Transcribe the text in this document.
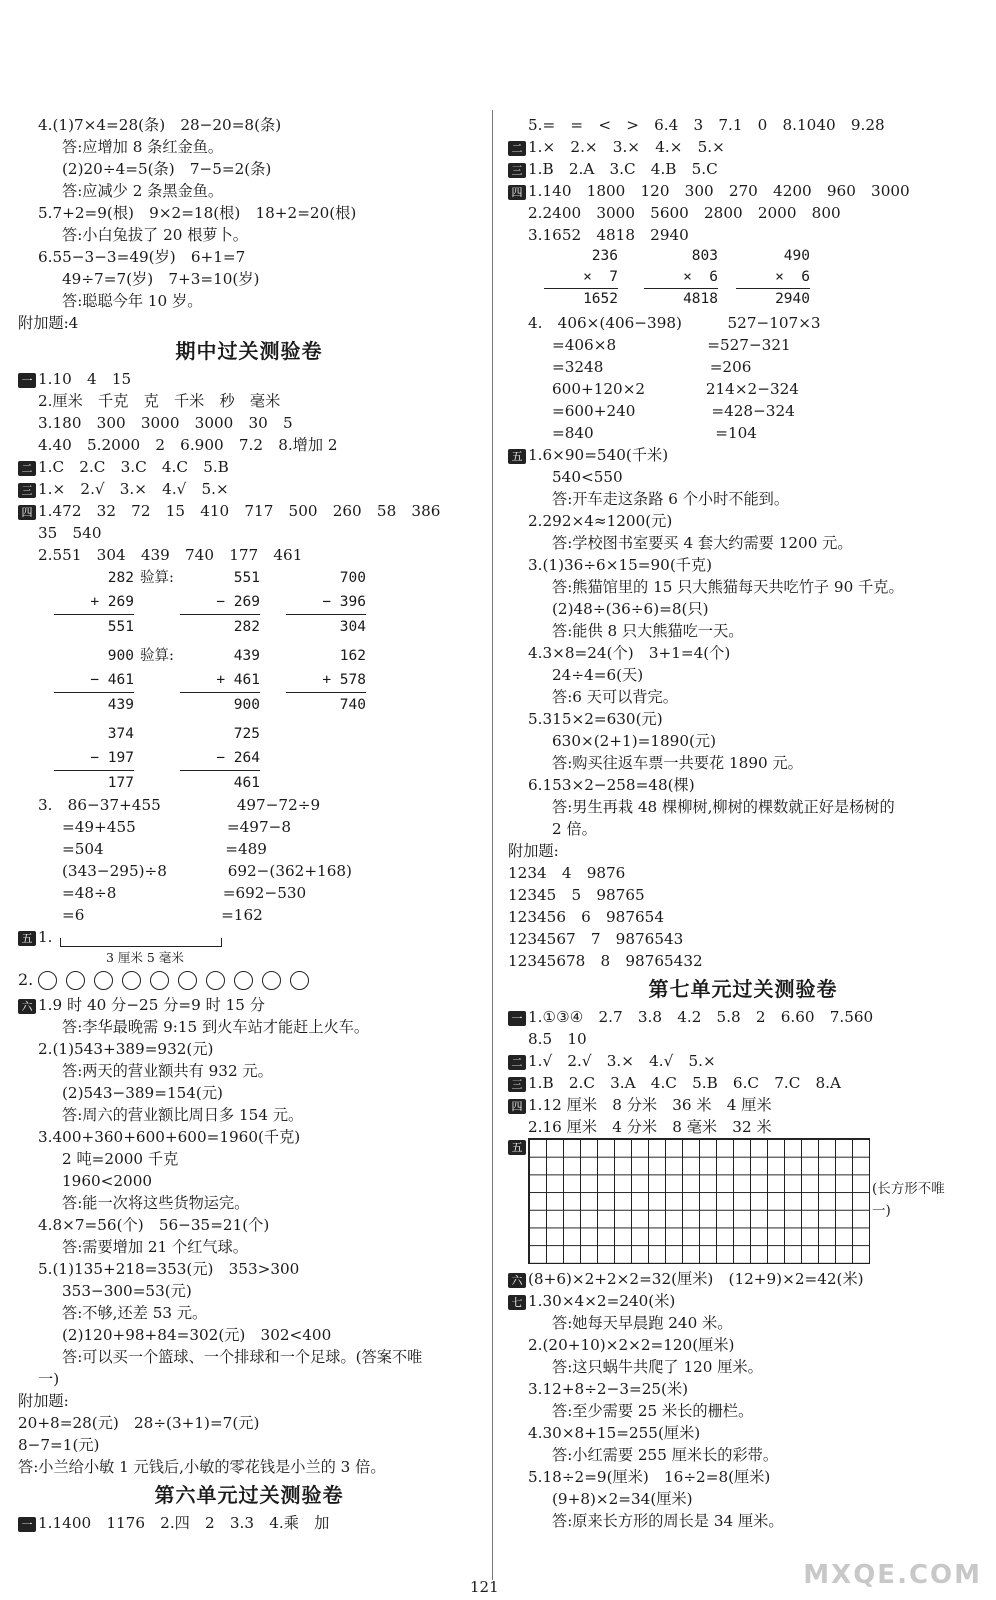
4.(1)7×4=28(条)　28−20=8(条)
答:应增加 8 条红金鱼。
(2)20÷4=5(条)　7−5=2(条)
答:应减少 2 条黑金鱼。
5.7+2=9(根)　9×2=18(根)　18+2=20(根)
答:小白兔拔了 20 根萝卜。
6.55−3−3=49(岁)　6+1=7
49÷7=7(岁)　7+3=10(岁)
答:聪聪今年 10 岁。
附加题:4
期中过关测验卷
一 1.10　4　15
2.厘米　千克　克　千米　秒　毫米
3.180　300　3000　3000　30　5
4.40　5.2000　2　6.900　7.2　8.增加 2
二 1.C　2.C　3.C　4.C　5.B
三 1.×　2.√　3.×　4.√　5.×
四 1.472　32　72　15　410　717　500　260　58　386
35　540
2.551　304　439　740　177　461
282
+ 269
551
验算:	551
− 269
282
700
− 396
304
900
− 461
439
验算:	439
+ 461
900
162
+ 578
740
374
− 197
177
725
− 264
461
3.　86−37+455　　　　　497−72÷9
=49+455　　　　　　=497−8
=504　　　　　　　　=489
(343−295)÷8　　　　692−(362+168)
=48÷8　　　　　　　=692−530
=6　　　　　　　　　=162
五 1.
3 厘米 5 毫米
2.
六 1.9 时 40 分−25 分=9 时 15 分
答:李华最晚需 9:15 到火车站才能赶上火车。
2.(1)543+389=932(元)
答:两天的营业额共有 932 元。
(2)543−389=154(元)
答:周六的营业额比周日多 154 元。
3.400+360+600+600=1960(千克)
2 吨=2000 千克
1960<2000
答:能一次将这些货物运完。
4.8×7=56(个)　56−35=21(个)
答:需要增加 21 个红气球。
5.(1)135+218=353(元)　353>300
353−300=53(元)
答:不够,还差 53 元。
(2)120+98+84=302(元)　302<400
答:可以买一个篮球、一个排球和一个足球。(答案不唯
一)
附加题:
20+8=28(元)　28÷(3+1)=7(元)
8−7=1(元)
答:小兰给小敏 1 元钱后,小敏的零花钱是小兰的 3 倍。
第六单元过关测验卷
一 1.1400　1176　2.四　2　3.3　4.乘　加
5.=　=　<　>　6.4　3　7.1　0　8.1040　9.28
二 1.×　2.×　3.×　4.×　5.×
三 1.B　2.A　3.C　4.B　5.C
四 1.140　1800　120　300　270　4200　960　3000
2.2400　3000　5600　2800　2000　800
3.1652　4818　2940
236
×  7
1652
803
×  6
4818
490
×  6
2940
4.　406×(406−398)　　　527−107×3
=406×8　　　　　　=527−321
=3248　　　　　　　=206
600+120×2　　　　214×2−324
=600+240　　　　　=428−324
=840　　　　　　　　=104
五 1.6×90=540(千米)
540<550
答:开车走这条路 6 个小时不能到。
2.292×4≈1200(元)
答:学校图书室要买 4 套大约需要 1200 元。
3.(1)36÷6×15=90(千克)
答:熊猫馆里的 15 只大熊猫每天共吃竹子 90 千克。
(2)48÷(36÷6)=8(只)
答:能供 8 只大熊猫吃一天。
4.3×8=24(个)　3+1=4(个)
24÷4=6(天)
答:6 天可以背完。
5.315×2=630(元)
630×(2+1)=1890(元)
答:购买往返车票一共要花 1890 元。
6.153×2−258=48(棵)
答:男生再栽 48 棵柳树,柳树的棵数就正好是杨树的
2 倍。
附加题:
1234　4　9876
12345　5　98765
123456　6　987654
1234567　7　9876543
12345678　8　98765432
第七单元过关测验卷
一 1.①③④　2.7　3.8　4.2　5.8　2　6.60　7.560
8.5　10
二 1.√　2.√　3.×　4.√　5.×
三 1.B　2.C　3.A　4.C　5.B　6.C　7.C　8.A
四 1.12 厘米　8 分米　36 米　4 厘米
2.16 厘米　4 分米　8 毫米　32 米
五
(长方形不唯一)
六 (8+6)×2+2×2=32(厘米)　(12+9)×2=42(米)
七 1.30×4×2=240(米)
答:她每天早晨跑 240 米。
2.(20+10)×2×2=120(厘米)
答:这只蜗牛共爬了 120 厘米。
3.12+8÷2−3=25(米)
答:至少需要 25 米长的栅栏。
4.30×8+15=255(厘米)
答:小红需要 255 厘米长的彩带。
5.18÷2=9(厘米)　16÷2=8(厘米)
(9+8)×2=34(厘米)
答:原来长方形的周长是 34 厘米。
121	MXQE.COM
